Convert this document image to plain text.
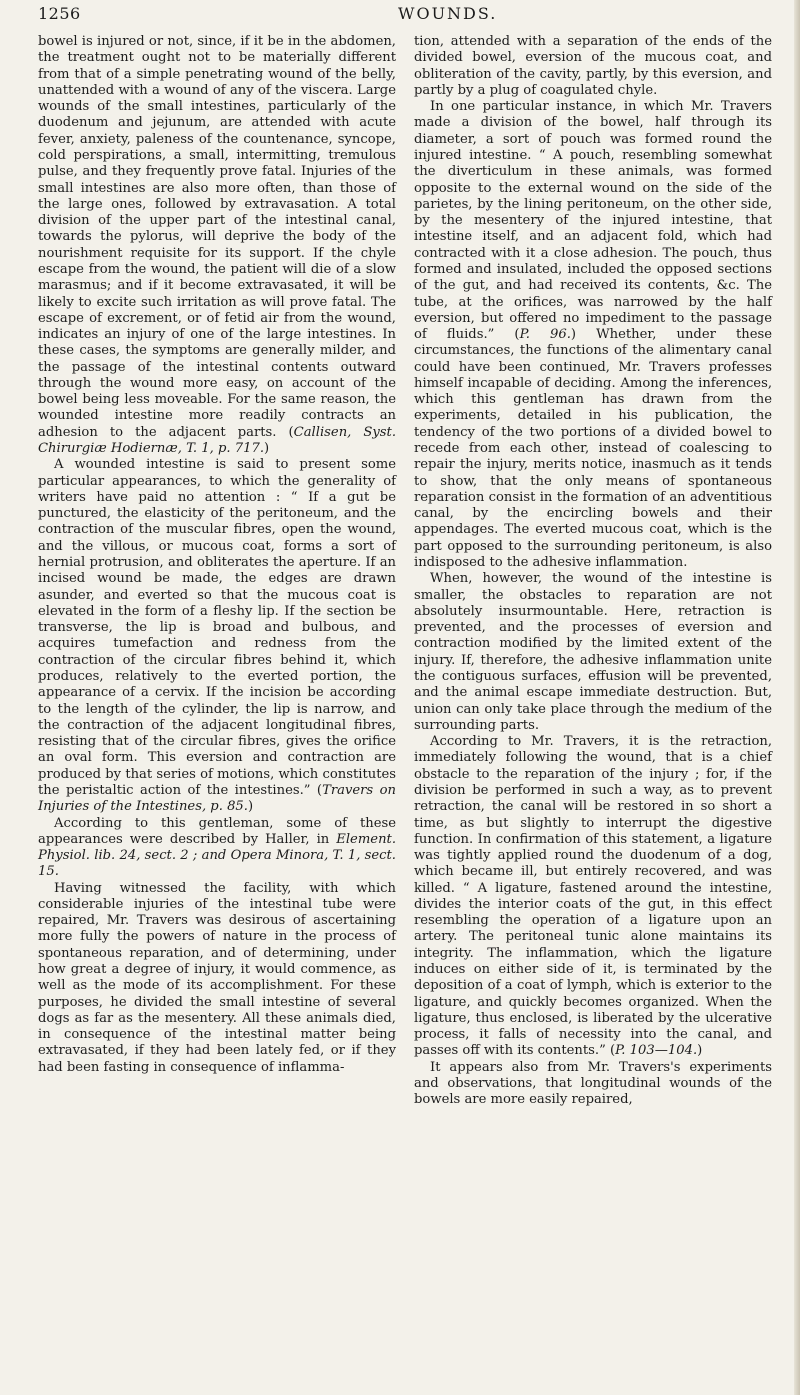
1256	WOUNDS.

bowel is injured or not, since, if it be in the abdomen, the treatment ought not to be materially different from that of a simple penetrating wound of the belly, unattended with a wound of any of the viscera. Large wounds of the small intestines, particularly of the duodenum and jejunum, are attended with acute fever, anxiety, paleness of the countenance, syncope, cold perspirations, a small, intermitting, tremulous pulse, and they frequently prove fatal. Injuries of the small intestines are also more often, than those of the large ones, followed by extravasation. A total division of the upper part of the intestinal canal, towards the pylorus, will deprive the body of the nourishment requisite for its support. If the chyle escape from the wound, the patient will die of a slow marasmus; and if it become extravasated, it will be likely to excite such irritation as will prove fatal. The escape of excrement, or of fetid air from the wound, indicates an injury of one of the large intestines. In these cases, the symptoms are generally milder, and the passage of the intestinal contents outward through the wound more easy, on account of the bowel being less moveable. For the same reason, the wounded intestine more readily contracts an adhesion to the adjacent parts. (Callisen, Syst. Chirurgiæ Hodiernæ, T. 1, p. 717.)

A wounded intestine is said to present some particular appearances, to which the generality of writers have paid no attention : “ If a gut be punctured, the elasticity of the peritoneum, and the contraction of the muscular fibres, open the wound, and the villous, or mucous coat, forms a sort of hernial protrusion, and obliterates the aperture. If an incised wound be made, the edges are drawn asunder, and everted so that the mucous coat is elevated in the form of a fleshy lip. If the section be transverse, the lip is broad and bulbous, and acquires tumefaction and redness from the contraction of the circular fibres behind it, which produces, relatively to the everted portion, the appearance of a cervix. If the incision be according to the length of the cylinder, the lip is narrow, and the contraction of the adjacent longitudinal fibres, resisting that of the circular fibres, gives the orifice an oval form. This eversion and contraction are produced by that series of motions, which constitutes the peristaltic action of the intestines.” (Travers on Injuries of the Intestines, p. 85.)

According to this gentleman, some of these appearances were described by Haller, in Element. Physiol. lib. 24, sect. 2 ; and Opera Minora, T. 1, sect. 15.

Having witnessed the facility, with which considerable injuries of the intestinal tube were repaired, Mr. Travers was desirous of ascertaining more fully the powers of nature in the process of spontaneous reparation, and of determining, under how great a degree of injury, it would commence, as well as the mode of its accomplishment. For these purposes, he divided the small intestine of several dogs as far as the mesentery. All these animals died, in consequence of the intestinal matter being extravasated, if they had been lately fed, or if they had been fasting in consequence of inflamma-

tion, attended with a separation of the ends of the divided bowel, eversion of the mucous coat, and obliteration of the cavity, partly, by this eversion, and partly by a plug of coagulated chyle.

In one particular instance, in which Mr. Travers made a division of the bowel, half through its diameter, a sort of pouch was formed round the injured intestine. “ A pouch, resembling somewhat the diverticulum in these animals, was formed opposite to the external wound on the side of the parietes, by the lining peritoneum, on the other side, by the mesentery of the injured intestine, that intestine itself, and an adjacent fold, which had contracted with it a close adhesion. The pouch, thus formed and insulated, included the opposed sections of the gut, and had received its contents, &c. The tube, at the orifices, was narrowed by the half eversion, but offered no impediment to the passage of fluids.” (P. 96.) Whether, under these circumstances, the functions of the alimentary canal could have been continued, Mr. Travers professes himself incapable of deciding. Among the inferences, which this gentleman has drawn from the experiments, detailed in his publication, the tendency of the two portions of a divided bowel to recede from each other, instead of coalescing to repair the injury, merits notice, inasmuch as it tends to show, that the only means of spontaneous reparation consist in the formation of an adventitious canal, by the encircling bowels and their appendages. The everted mucous coat, which is the part opposed to the surrounding peritoneum, is also indisposed to the adhesive inflammation.

When, however, the wound of the intestine is smaller, the obstacles to reparation are not absolutely insurmountable. Here, retraction is prevented, and the processes of eversion and contraction modified by the limited extent of the injury. If, therefore, the adhesive inflammation unite the contiguous surfaces, effusion will be prevented, and the animal escape immediate destruction. But, union can only take place through the medium of the surrounding parts.

According to Mr. Travers, it is the retraction, immediately following the wound, that is a chief obstacle to the reparation of the injury ; for, if the division be performed in such a way, as to prevent retraction, the canal will be restored in so short a time, as but slightly to interrupt the digestive function. In confirmation of this statement, a ligature was tightly applied round the duodenum of a dog, which became ill, but entirely recovered, and was killed. “ A ligature, fastened around the intestine, divides the interior coats of the gut, in this effect resembling the operation of a ligature upon an artery. The peritoneal tunic alone maintains its integrity. The inflammation, which the ligature induces on either side of it, is terminated by the deposition of a coat of lymph, which is exterior to the ligature, and quickly becomes organized. When the ligature, thus enclosed, is liberated by the ulcerative process, it falls of necessity into the canal, and passes off with its contents.” (P. 103—104.)

It appears also from Mr. Travers's experiments and observations, that longitudinal wounds of the bowels are more easily repaired,
